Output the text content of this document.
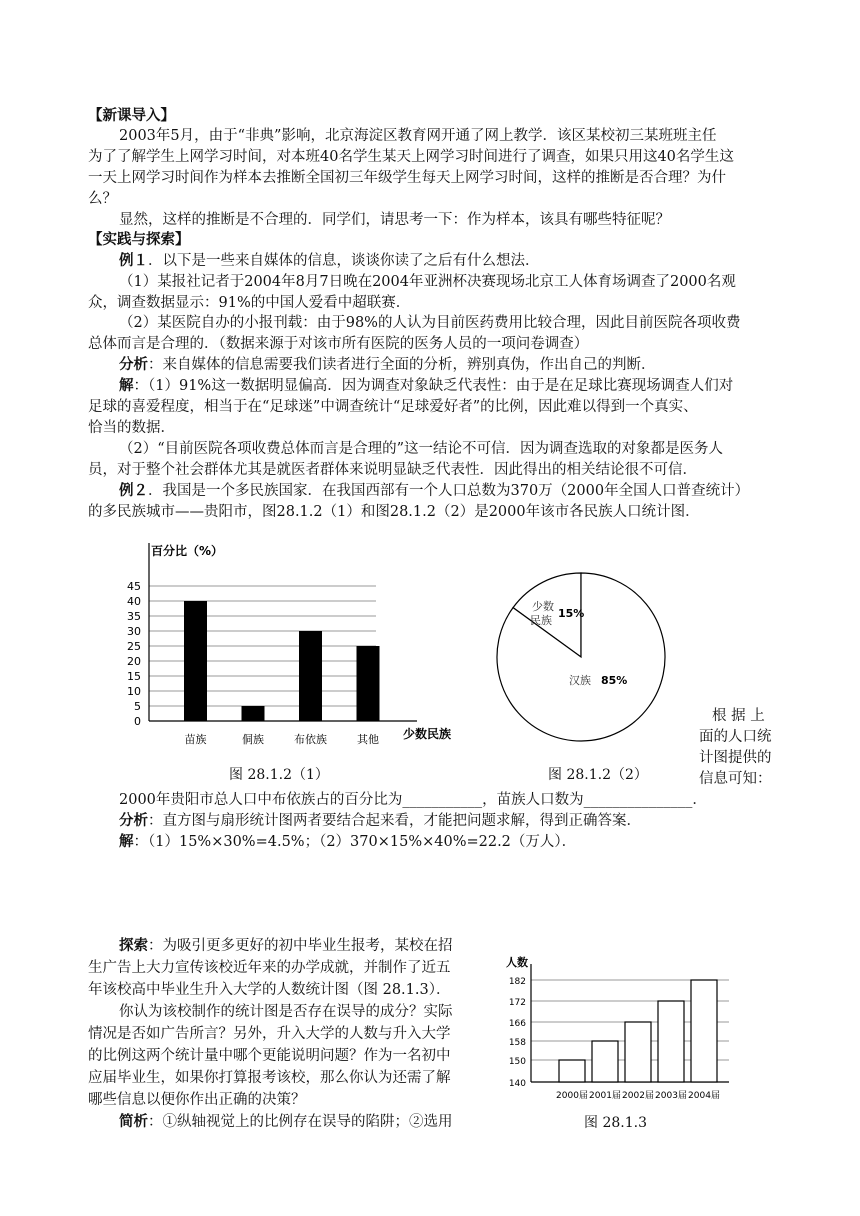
【新课导入】
2003年5月，由于“非典”影响，北京海淀区教育网开通了网上教学．该区某校初三某班班主任
为了了解学生上网学习时间，对本班40名学生某天上网学习时间进行了调查，如果只用这40名学生这
一天上网学习时间作为样本去推断全国初三年级学生每天上网学习时间，这样的推断是否合理？为什
么？
显然，这样的推断是不合理的．同学们，请思考一下：作为样本，该具有哪些特征呢？
【实践与探索】
例１．以下是一些来自媒体的信息，谈谈你读了之后有什么想法．
（1）某报社记者于2004年8月7日晚在2004年亚洲杯决赛现场北京工人体育场调查了2000名观
众，调查数据显示：91%的中国人爱看中超联赛．
（2）某医院自办的小报刊载：由于98%的人认为目前医药费用比较合理，因此目前医院各项收费
总体而言是合理的．（数据来源于对该市所有医院的医务人员的一项问卷调查）
分析：来自媒体的信息需要我们读者进行全面的分析，辨别真伪，作出自己的判断．
解：（1）91%这一数据明显偏高．因为调查对象缺乏代表性：由于是在足球比赛现场调查人们对
足球的喜爱程度，相当于在“足球迷”中调查统计“足球爱好者”的比例，因此难以得到一个真实、
恰当的数据．
（2）“目前医院各项收费总体而言是合理的”这一结论不可信．因为调查选取的对象都是医务人
员，对于整个社会群体尤其是就医者群体来说明显缺乏代表性．因此得出的相关结论很不可信．
例２．我国是一个多民族国家．在我国西部有一个人口总数为370万（2000年全国人口普查统计）
的多民族城市——贵阳市，图28.1.2（1）和图28.1.2（2）是2000年该市各民族人口统计图．
0
5
10
15
20
25
30
35
40
45
百分比（%）
少数民族
苗族	侗族	布依族	其他
图 28.1.2（1）
少数
民族
15%
汉族 85%
图 28.1.2（2）
根 据 上
面的人口统
计图提供的
信息可知：
2000年贵阳市总人口中布依族占的百分比为___________，苗族人口数为_______________．
分析：直方图与扇形统计图两者要结合起来看，才能把问题求解，得到正确答案．
解：（1）15%×30%=4.5%；（2）370×15%×40%=22.2（万人）．
探索：为吸引更多更好的初中毕业生报考，某校在招
生广告上大力宣传该校近年来的办学成就，并制作了近五
年该校高中毕业生升入大学的人数统计图（图 28.1.3）．
你认为该校制作的统计图是否存在误导的成分？实际
情况是否如广告所言？另外，升入大学的人数与升入大学
的比例这两个统计量中哪个更能说明问题？作为一名初中
应届毕业生，如果你打算报考该校，那么你认为还需了解
哪些信息以便你作出正确的决策？
简析：①纵轴视觉上的比例存在误导的陷阱；②选用
140
150
158
166
172
182
人数
2000届 2001届 2002届 2003届 2004届
图 28.1.3
